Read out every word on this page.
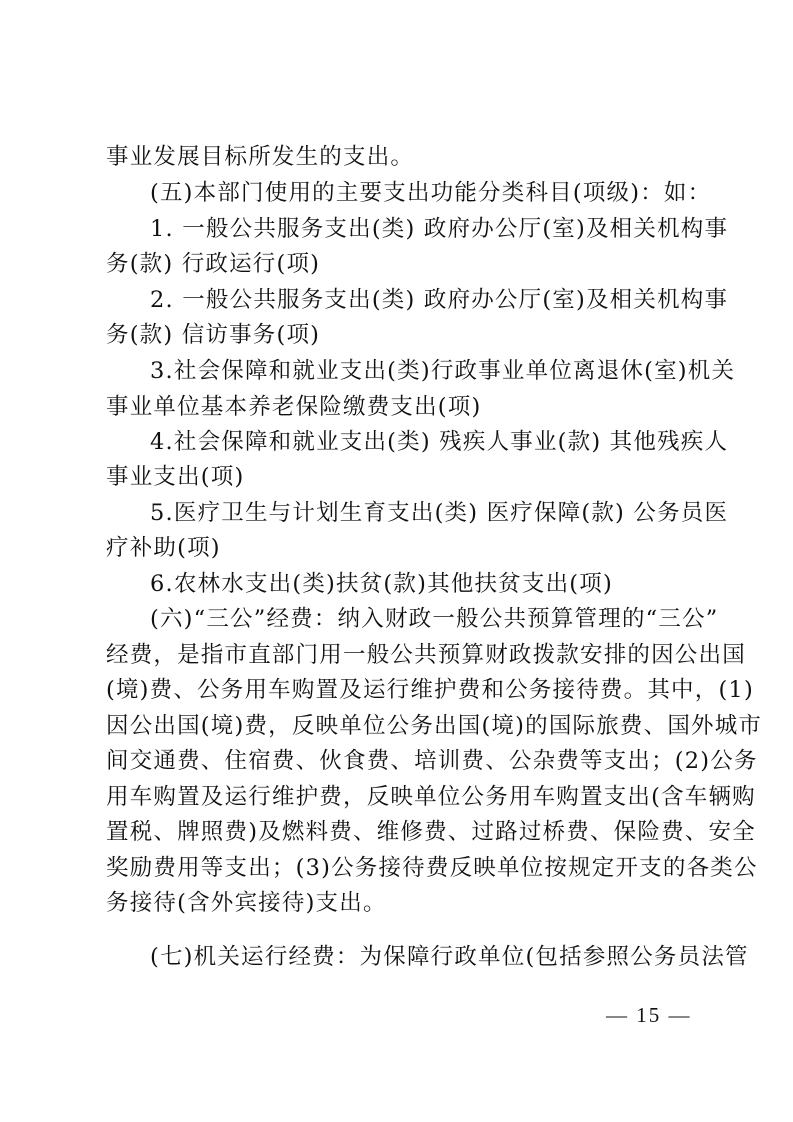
事业发展目标所发生的支出。
(五)本部门使用的主要支出功能分类科目(项级)：如：
1. 一般公共服务支出(类) 政府办公厅(室)及相关机构事
务(款) 行政运行(项)
2. 一般公共服务支出(类) 政府办公厅(室)及相关机构事
务(款) 信访事务(项)
3.社会保障和就业支出(类)行政事业单位离退休(室)机关
事业单位基本养老保险缴费支出(项)
4.社会保障和就业支出(类) 残疾人事业(款) 其他残疾人
事业支出(项)
5.医疗卫生与计划生育支出(类) 医疗保障(款) 公务员医
疗补助(项)
6.农林水支出(类)扶贫(款)其他扶贫支出(项)
(六)“三公”经费：纳入财政一般公共预算管理的“三公”
经费，是指市直部门用一般公共预算财政拨款安排的因公出国
(境)费、公务用车购置及运行维护费和公务接待费。其中，(1)
因公出国(境)费，反映单位公务出国(境)的国际旅费、国外城市
间交通费、住宿费、伙食费、培训费、公杂费等支出；(2)公务
用车购置及运行维护费，反映单位公务用车购置支出(含车辆购
置税、牌照费)及燃料费、维修费、过路过桥费、保险费、安全
奖励费用等支出；(3)公务接待费反映单位按规定开支的各类公
务接待(含外宾接待)支出。
(七)机关运行经费：为保障行政单位(包括参照公务员法管
— 15 —
